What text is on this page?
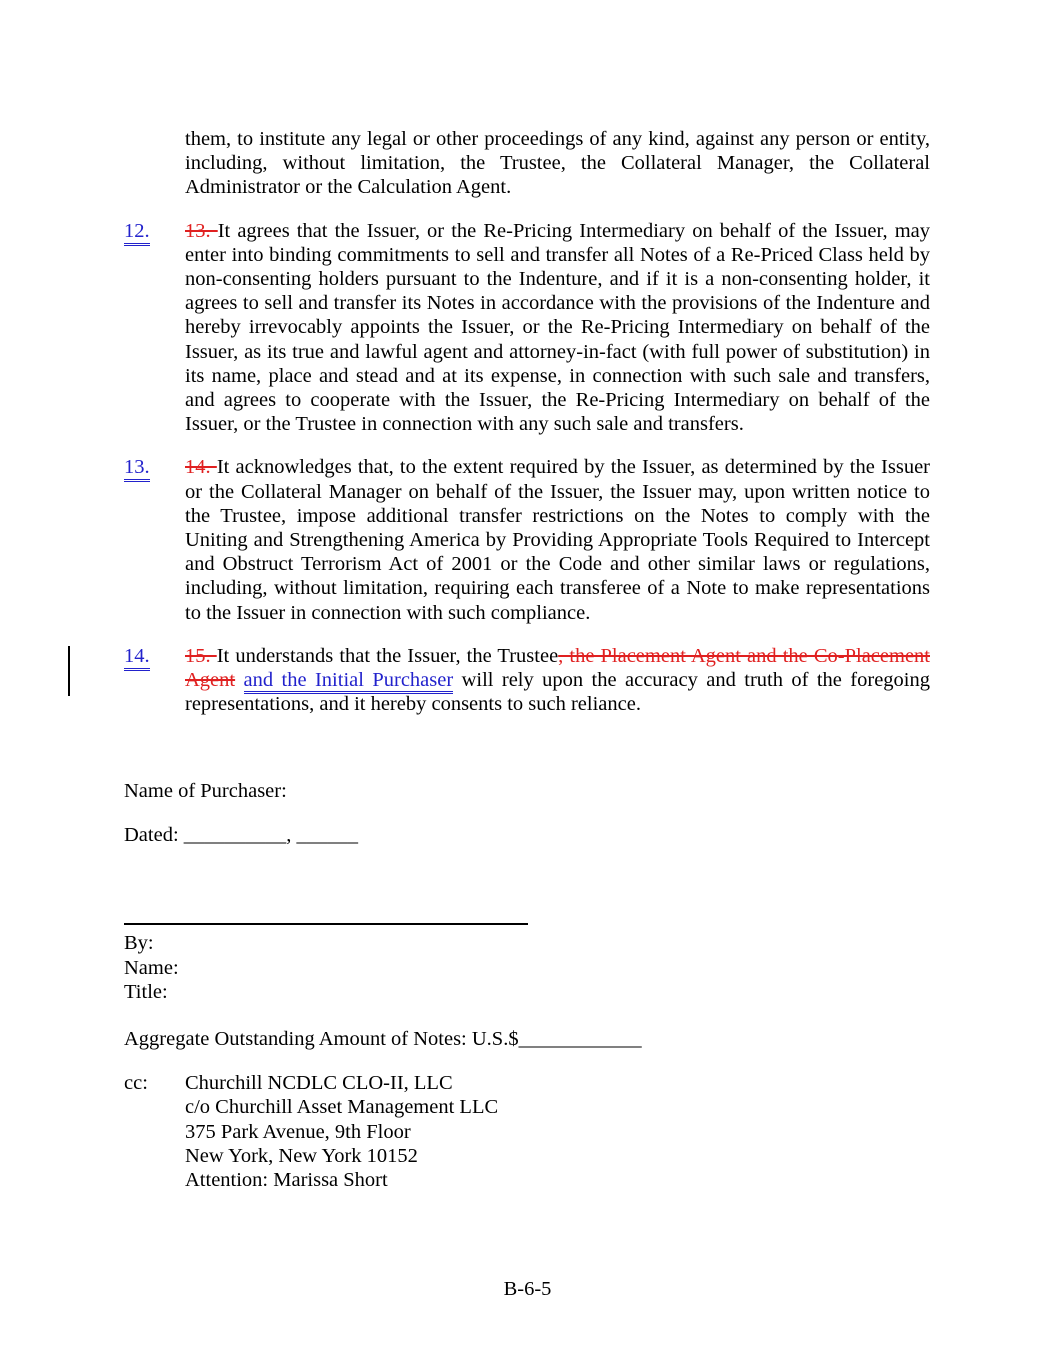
them, to institute any legal or other proceedings of any kind, against any person or entity, including, without limitation, the Trustee, the Collateral Manager, the Collateral Administrator or the Calculation Agent.

12. 13. It agrees that the Issuer, or the Re-Pricing Intermediary on behalf of the Issuer, may enter into binding commitments to sell and transfer all Notes of a Re-Priced Class held by non-consenting holders pursuant to the Indenture, and if it is a non-consenting holder, it agrees to sell and transfer its Notes in accordance with the provisions of the Indenture and hereby irrevocably appoints the Issuer, or the Re-Pricing Intermediary on behalf of the Issuer, as its true and lawful agent and attorney-in-fact (with full power of substitution) in its name, place and stead and at its expense, in connection with such sale and transfers, and agrees to cooperate with the Issuer, the Re-Pricing Intermediary on behalf of the Issuer, or the Trustee in connection with any such sale and transfers.

13. 14. It acknowledges that, to the extent required by the Issuer, as determined by the Issuer or the Collateral Manager on behalf of the Issuer, the Issuer may, upon written notice to the Trustee, impose additional transfer restrictions on the Notes to comply with the Uniting and Strengthening America by Providing Appropriate Tools Required to Intercept and Obstruct Terrorism Act of 2001 or the Code and other similar laws or regulations, including, without limitation, requiring each transferee of a Note to make representations to the Issuer in connection with such compliance.

14. 15. It understands that the Issuer, the Trustee, the Placement Agent and the Co-Placement Agent and the Initial Purchaser will rely upon the accuracy and truth of the foregoing representations, and it hereby consents to such reliance.

Name of Purchaser:

Dated: __________, ______

By:

Name:

Title:

Aggregate Outstanding Amount of Notes: U.S.$____________

cc: Churchill NCDLC CLO-II, LLC

c/o Churchill Asset Management LLC

375 Park Avenue, 9th Floor

New York, New York 10152

Attention: Marissa Short

B-6-5
